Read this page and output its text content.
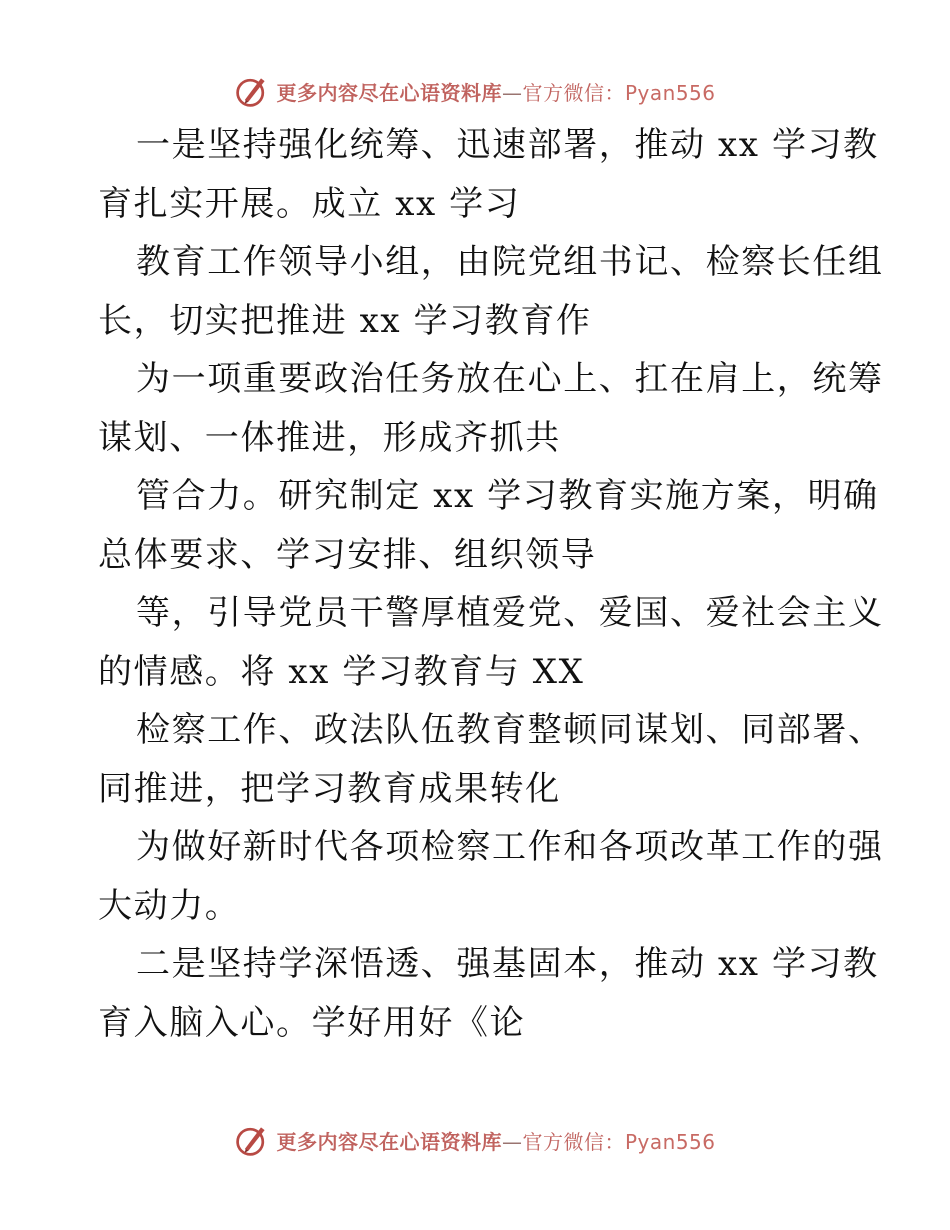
更多内容尽在心语资料库—官方微信：Pyan556
一是坚持强化统筹、迅速部署，推动 xx 学习教
育扎实开展。成立 xx 学习
教育工作领导小组，由院党组书记、检察长任组
长，切实把推进 xx 学习教育作
为一项重要政治任务放在心上、扛在肩上，统筹
谋划、一体推进，形成齐抓共
管合力。研究制定 xx 学习教育实施方案，明确
总体要求、学习安排、组织领导
等，引导党员干警厚植爱党、爱国、爱社会主义
的情感。将 xx 学习教育与 XX
检察工作、政法队伍教育整顿同谋划、同部署、
同推进，把学习教育成果转化
为做好新时代各项检察工作和各项改革工作的强
大动力。
二是坚持学深悟透、强基固本，推动 xx 学习教
育入脑入心。学好用好《论
更多内容尽在心语资料库—官方微信：Pyan556
